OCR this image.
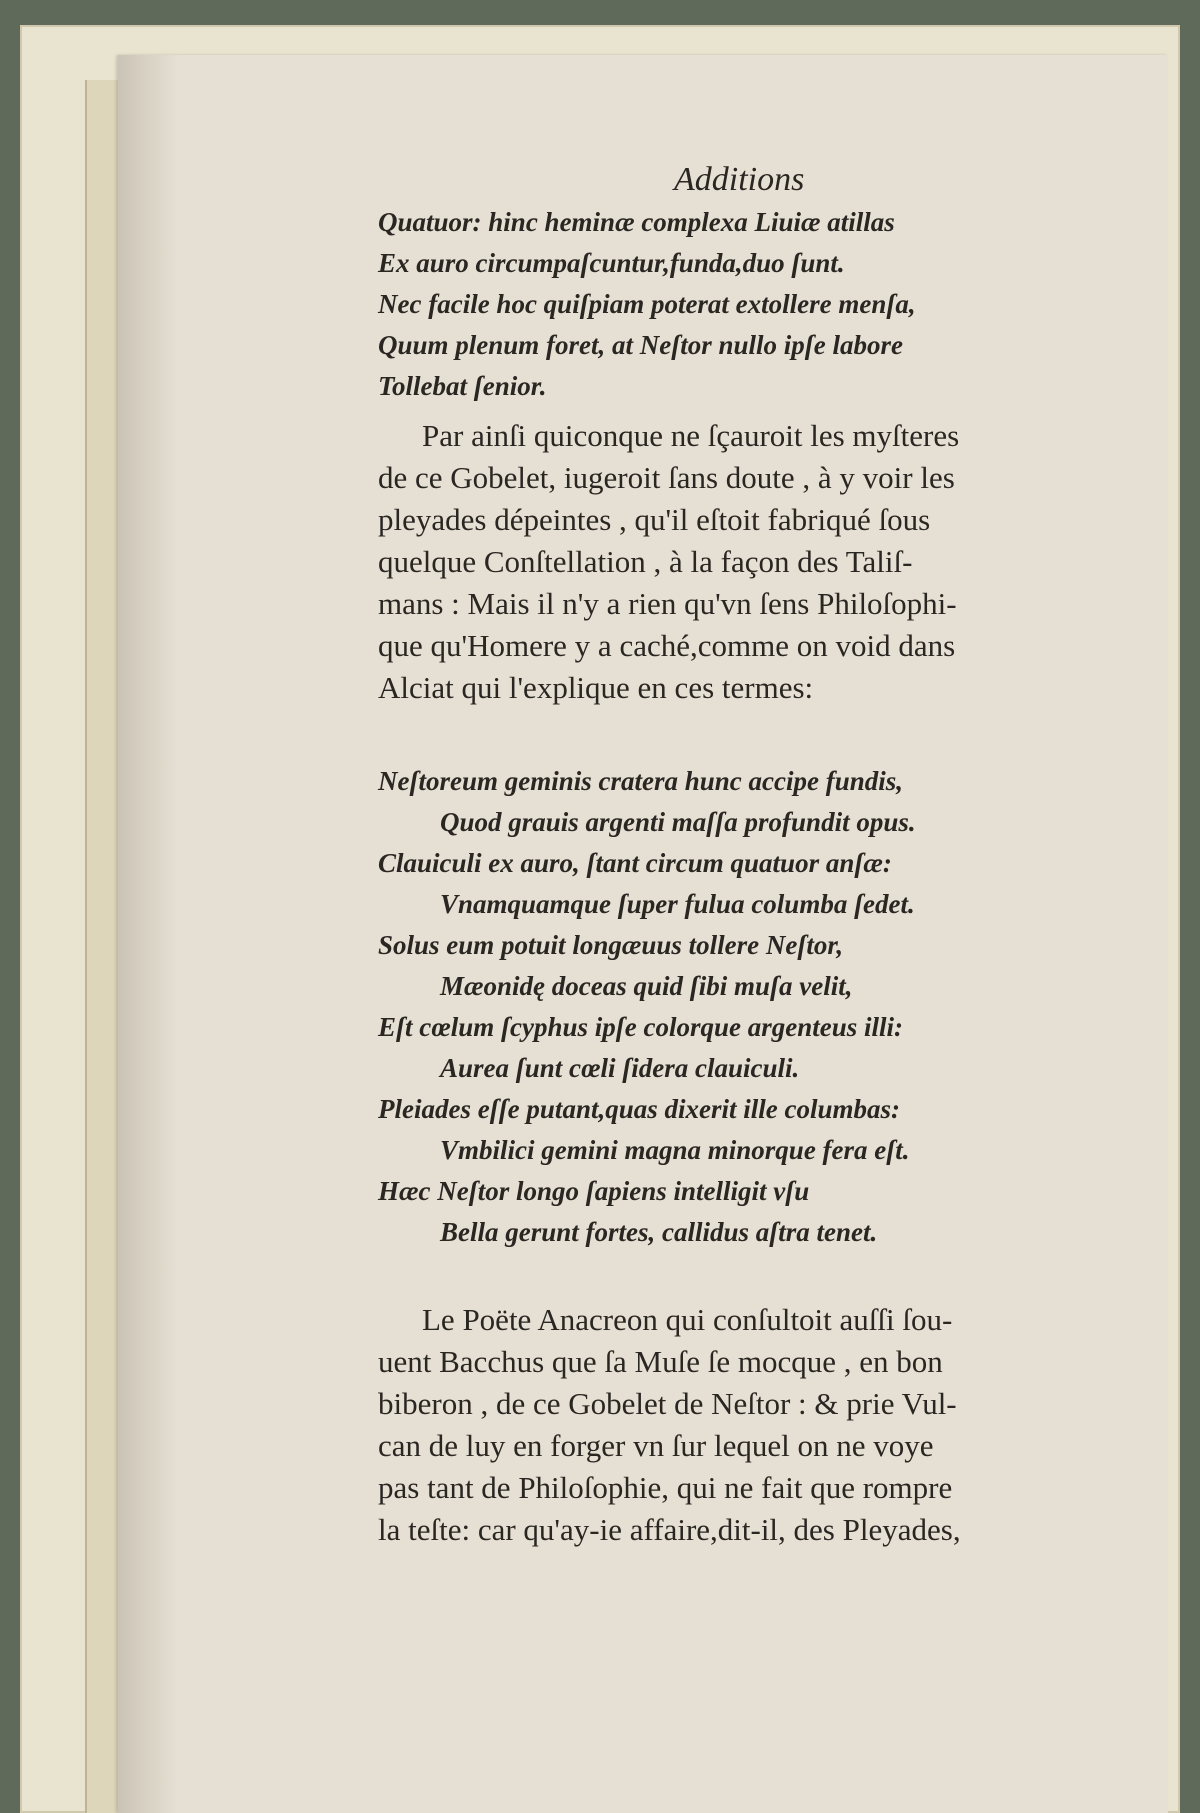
Additions
Quatuor: hinc heminæ complexa Liuiæ atillas
Ex auro circumpaſcuntur,funda,duo ſunt.
Nec facile hoc quiſpiam poterat extollere menſa,
Quum plenum foret, at Neſtor nullo ipſe labore
Tollebat ſenior.
Par ainſi quiconque ne ſçauroit les myſteres
de ce Gobelet, iugeroit ſans doute , à y voir les
pleyades dépeintes , qu'il eſtoit fabriqué ſous
quelque Conſtellation , à la façon des Taliſ-
mans : Mais il n'y a rien qu'vn ſens Philoſophi-
que qu'Homere y a caché,comme on void dans
Alciat qui l'explique en ces termes:
Neſtoreum geminis cratera hunc accipe fundis,
Quod grauis argenti maſſa profundit opus.
Clauiculi ex auro, ſtant circum quatuor anſæ:
Vnamquamque ſuper fulua columba ſedet.
Solus eum potuit longæuus tollere Neſtor,
Mæonidę doceas quid ſibi muſa velit,
Eſt cœlum ſcyphus ipſe colorque argenteus illi:
Aurea ſunt cœli ſidera clauiculi.
Pleiades eſſe putant,quas dixerit ille columbas:
Vmbilici gemini magna minorque fera eſt.
Hæc Neſtor longo ſapiens intelligit vſu
Bella gerunt fortes, callidus aſtra tenet.
Le Poëte Anacreon qui conſultoit auſſi ſou-
uent Bacchus que ſa Muſe ſe mocque , en bon
biberon , de ce Gobelet de Neſtor : & prie Vul-
can de luy en forger vn ſur lequel on ne voye
pas tant de Philoſophie, qui ne fait que rompre
la teſte: car qu'ay-ie affaire,dit-il, des Pleyades,
